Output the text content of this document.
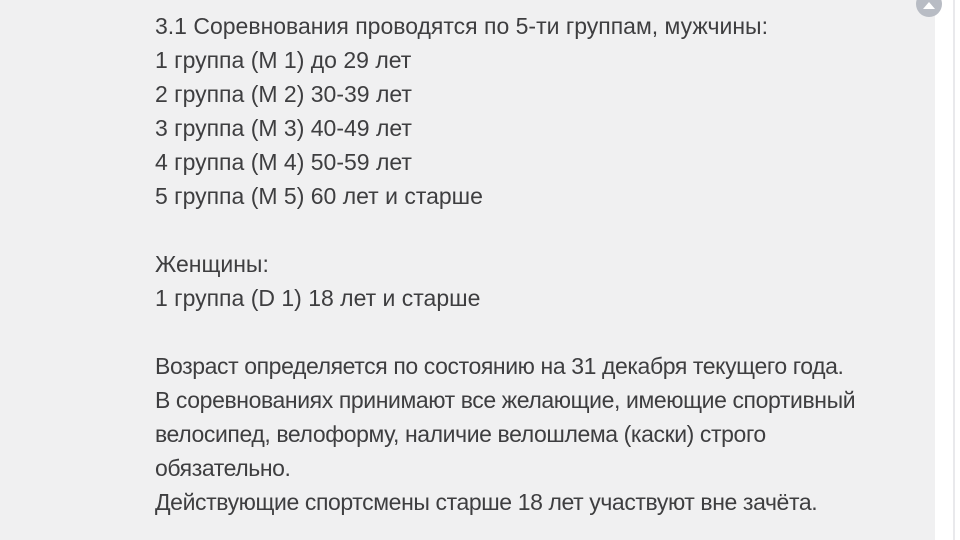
3.1 Соревнования проводятся по 5-ти группам, мужчины:
1 группа (М 1) до 29 лет
2 группа (М 2) 30-39 лет
3 группа (М 3) 40-49 лет
4 группа (М 4) 50-59 лет
5 группа (М 5) 60 лет и старше
Женщины:
1 группа (D 1) 18 лет и старше
Возраст определяется по состоянию на 31 декабря текущего года.
В соревнованиях принимают все желающие, имеющие спортивный
велосипед, велоформу, наличие велошлема (каски) строго
обязательно.
Действующие спортсмены старше 18 лет участвуют вне зачёта.
